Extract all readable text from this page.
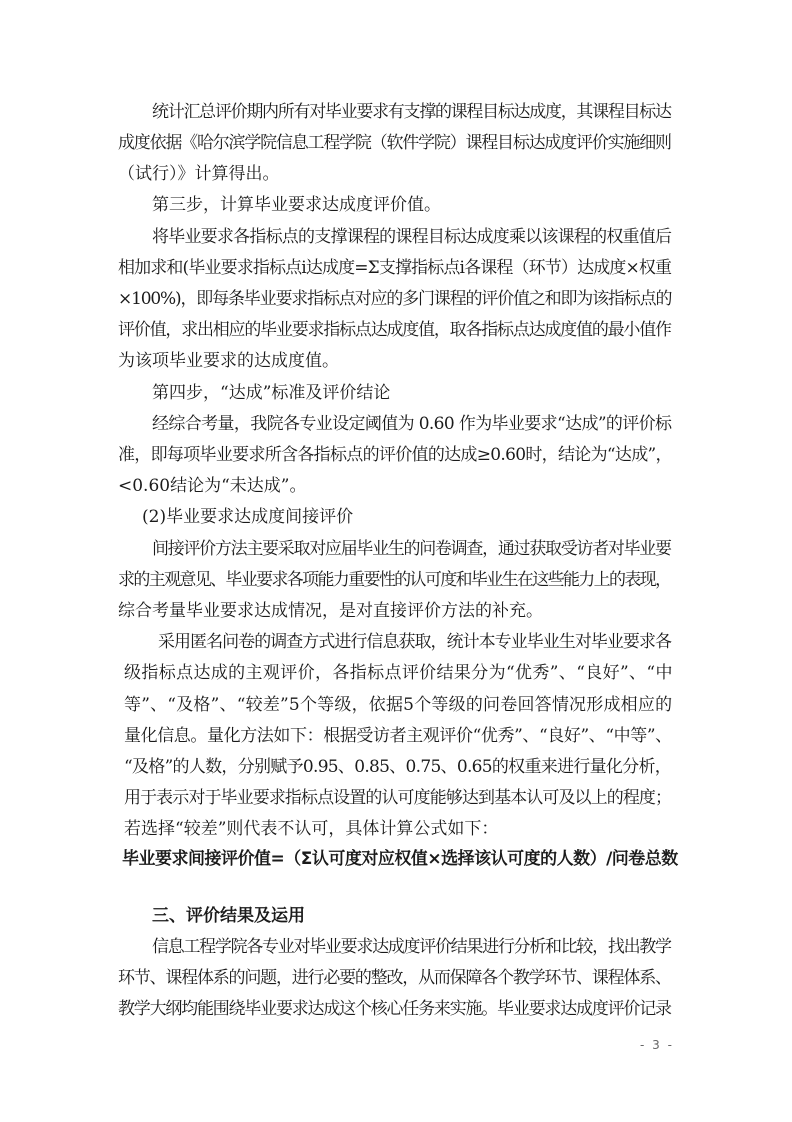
统计汇总评价期内所有对毕业要求有支撑的课程目标达成度，其课程目标达
成度依据《哈尔滨学院信息工程学院（软件学院）课程目标达成度评价实施细则
（试行）》计算得出。
第三步，计算毕业要求达成度评价值。
将毕业要求各指标点的支撑课程的课程目标达成度乘以该课程的权重值后
相加求和(毕业要求指标点i达成度=Σ支撑指标点i各课程（环节）达成度×权重
×100%)，即每条毕业要求指标点对应的多门课程的评价值之和即为该指标点的
评价值，求出相应的毕业要求指标点达成度值，取各指标点达成度值的最小值作
为该项毕业要求的达成度值。
第四步，“达成”标准及评价结论
经综合考量，我院各专业设定阈值为 0.60 作为毕业要求“达成”的评价标
准，即每项毕业要求所含各指标点的评价值的达成≥0.60时，结论为“达成”，
<0.60结论为“未达成”。
(2)毕业要求达成度间接评价
间接评价方法主要采取对应届毕业生的问卷调查，通过获取受访者对毕业要
求的主观意见、毕业要求各项能力重要性的认可度和毕业生在这些能力上的表现，
综合考量毕业要求达成情况，是对直接评价方法的补充。
采用匿名问卷的调查方式进行信息获取，统计本专业毕业生对毕业要求各
级指标点达成的主观评价，各指标点评价结果分为“优秀”、“良好”、“中
等”、“及格”、“较差”5个等级，依据5个等级的问卷回答情况形成相应的
量化信息。量化方法如下：根据受访者主观评价“优秀”、“良好”、“中等”、
“及格”的人数，分别赋予0.95、0.85、0.75、0.65的权重来进行量化分析，
用于表示对于毕业要求指标点设置的认可度能够达到基本认可及以上的程度；
若选择“较差”则代表不认可，具体计算公式如下：
毕业要求间接评价值=（Σ认可度对应权值×选择该认可度的人数）/问卷总数
三、评价结果及运用
信息工程学院各专业对毕业要求达成度评价结果进行分析和比较，找出教学
环节、课程体系的问题，进行必要的整改，从而保障各个教学环节、课程体系、
教学大纲均能围绕毕业要求达成这个核心任务来实施。毕业要求达成度评价记录
- 3 -
